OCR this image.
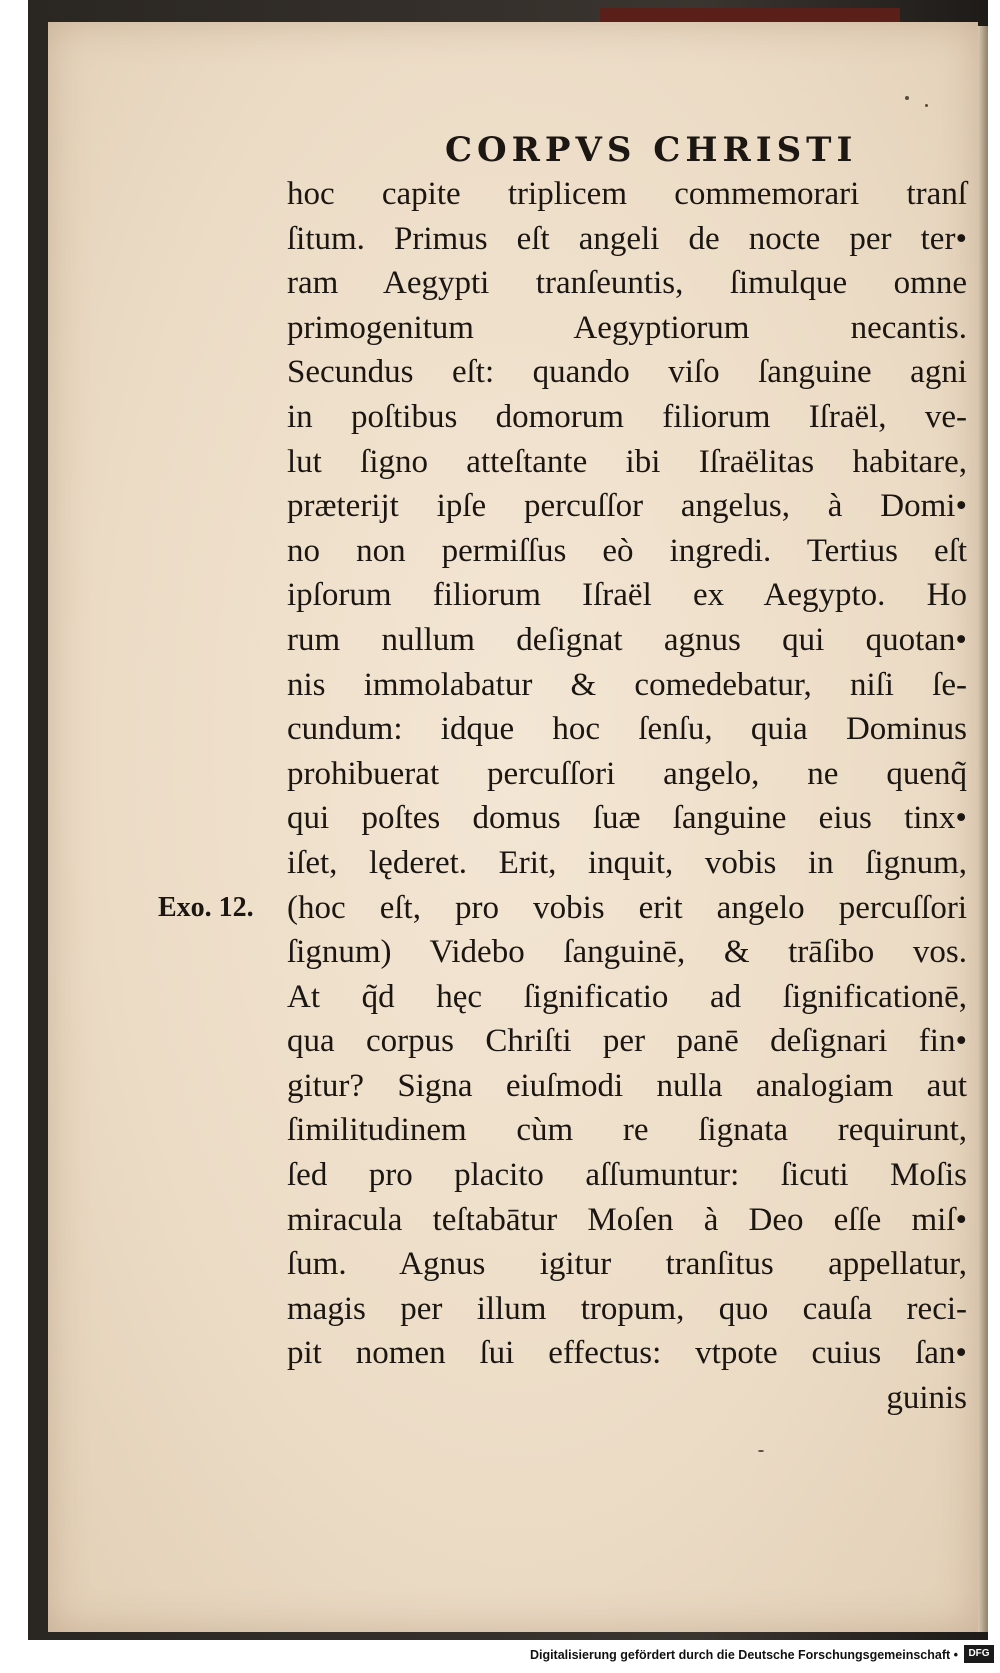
CORPVS CHRISTI
Exo. 12.
hoc capite triplicem commemorari tranſ
ſitum. Primus eſt angeli de nocte per ter•
ram Aegypti tranſeuntis, ſimulque omne
primogenitum Aegyptiorum necantis.
Secundus eſt: quando viſo ſanguine agni
in poſtibus domorum filiorum Iſraël, ve-
lut ſigno atteſtante ibi Iſraëlitas habitare,
præterijt ipſe percuſſor angelus, à Domi•
no non permiſſus eò ingredi. Tertius eſt
ipſorum filiorum Iſraël ex Aegypto. Ho
rum nullum deſignat agnus qui quotan•
nis immolabatur & comedebatur, niſi ſe-
cundum: idque hoc ſenſu, quia Dominus
prohibuerat percuſſori angelo, ne quenq̃
qui poſtes domus ſuæ ſanguine eius tinx•
iſet, lęderet. Erit, inquit, vobis in ſignum,
(hoc eſt, pro vobis erit angelo percuſſori
ſignum) Videbo ſanguinē, & trāſibo vos.
At q̃d hęc ſignificatio ad ſignificationē,
qua corpus Chriſti per panē deſignari fin•
gitur? Signa eiuſmodi nulla analogiam aut
ſimilitudinem cùm re ſignata requirunt,
ſed pro placito aſſumuntur: ſicuti Moſis
miracula teſtabātur Moſen à Deo eſſe miſ•
ſum. Agnus igitur tranſitus appellatur,
magis per illum tropum, quo cauſa reci-
pit nomen ſui effectus: vtpote cuius ſan•
guinis
Digitalisierung gefördert durch die Deutsche Forschungsgemeinschaft •	DFG
